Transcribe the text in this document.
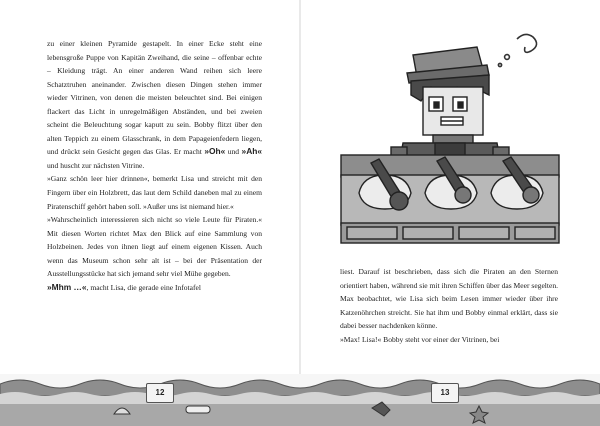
zu einer kleinen Pyramide gestapelt. In einer Ecke steht eine lebensgroße Puppe von Kapitän Zweihand, die seine – offenbar echte – Kleidung trägt. An einer anderen Wand reihen sich leere Schatztruhen aneinander. Zwischen diesen Dingen stehen immer wieder Vitrinen, von denen die meisten beleuchtet sind. Bei einigen flackert das Licht in unregelmäßigen Abständen, und bei zweien scheint die Beleuchtung sogar kaputt zu sein. Bobby flitzt über den alten Teppich zu einem Glasschrank, in dem Papageienfedern liegen, und drückt sein Gesicht gegen das Glas. Er macht »Oh« und »Ah« und huscht zur nächsten Vitrine.

»Ganz schön leer hier drinnen«, bemerkt Lisa und streicht mit den Fingern über ein Holzbrett, das laut dem Schild daneben mal zu einem Piratenschiff gehört haben soll. »Außer uns ist niemand hier.«

»Wahrscheinlich interessieren sich nicht so viele Leute für Piraten.« Mit diesen Worten richtet Max den Blick auf eine Sammlung von Holzbeinen. Jedes von ihnen liegt auf einem eigenen Kissen. Auch wenn das Museum schon sehr alt ist – bei der Präsentation der Ausstellungsstücke hat sich jemand sehr viel Mühe gegeben.

»Mhm …«, macht Lisa, die gerade eine Infotafel

liest. Darauf ist beschrieben, dass sich die Piraten an den Sternen orientiert haben, während sie mit ihren Schiffen über das Meer segelten. Max beobachtet, wie Lisa sich beim Lesen immer wieder über ihre Katzenöhrchen streicht. Sie hat ihm und Bobby einmal erklärt, dass sie dabei besser nachdenken könne.

»Max! Lisa!« Bobby steht vor einer der Vitrinen, bei

12	13
